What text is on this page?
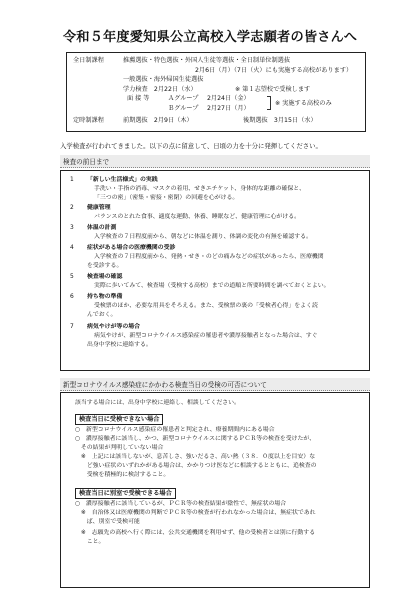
令和５年度愛知県公立高校入学志願者の皆さんへ
全日制課程	推薦選抜・特色選抜・外国人生徒等選抜・全日制単位制選抜
2月6日（月）（7日（火）にも実施する高校があります）
一般選抜・海外帰国生徒選抜
学力検査　2月22日（水）	※ 第１志望校で受検します
面 接 等	Ａグループ 2月24日（金）
Ｂグループ 2月27日（月）
※ 実施する高校のみ
定時制課程	前期選抜　2月9日（木）	後期選抜　3月15日（水）
入学検査が行われてきました。以下の点に留意して、日頃の力を十分に発揮してください。
検査の前日まで
1 「新しい生活様式」の実践
手洗い・手指の消毒、マスクの着用、せきエチケット、身体的な距離の確保と、
「三つの密」（密集・密接・密閉）の回避を心がける。
2 健康管理
バランスのとれた食事、適度な運動、休養、睡眠など、健康管理に心がける。
3 体温の計測
入学検査の７日程度前から、朝などに体温を測り、体調の変化の有無を確認する。
4 症状がある場合の医療機関の受診
入学検査の７日程度前から、発熱・せき・のどの痛みなどの症状があったら、医療機関
を受診する。
5 検査場の確認
実際に歩いてみて、検査場（受検する高校）までの道順と所要時間を調べておくとよい。
6 持ち物の準備
受検票のほか、必要な用具をそろえる。また、受検票の裏の「受検者心得」をよく読
んでおく。
7 病気やけが等の場合
病気やけが、新型コロナウイルス感染症の罹患者や濃厚接触者となった場合は、すぐ
出身中学校に連絡する。
新型コロナウイルス感染症にかかわる検査当日の受検の可否について
該当する場合には、出身中学校に連絡し、相談してください。
検査当日に受検できない場合
○　新型コロナウイルス感染症の罹患者と判定され、療養期間内にある場合
○　濃厚接触者に該当し、かつ、新型コロナウイルスに関するＰＣＲ等の検査を受けたが、
　その結果が判明していない場合
　※　上記には該当しないが、息苦しさ、強いだるさ、高い熱（３８．０度以上を目安）な
　　ど強い症状のいずれかがある場合は、かかりつけ医などに相談するとともに、追検査の
　　受検を積極的に検討すること。
検査当日に別室で受検できる場合
○　濃厚接触者に該当しているが、ＰＣＲ等の検査結果が陰性で、無症状の場合
　※　自治体又は医療機関の判断でＰＣＲ等の検査が行われなかった場合は、無症状であれ
　　ば、別室で受検可能
　※　志願先の高校へ行く際には、公共交通機関を利用せず、他の受検者とは別に行動する
　　こと。
